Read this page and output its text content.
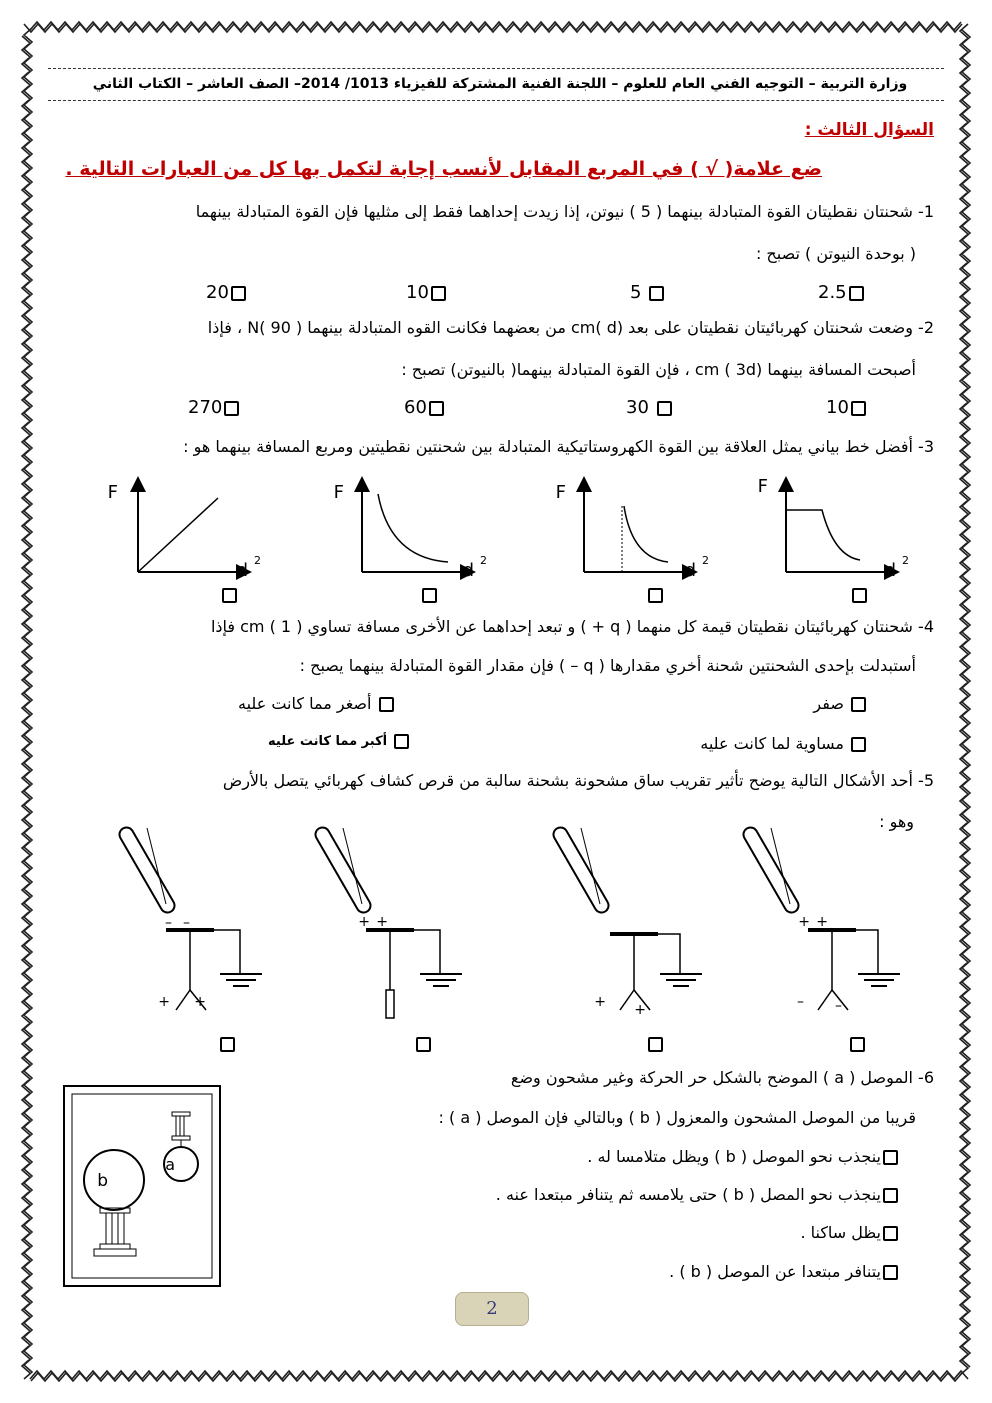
وزارة التربية – التوجيه الفني العام للعلوم – اللجنة الفنية المشتركة للفيزياء 1013/ 2014– الصف العاشر – الكتاب الثاني
السؤال الثالث :
ضع علامة( √ ) في المربع المقابل لأنسب إجابة لتكمل بها كل من العبارات التالية .
1- شحنتان نقطيتان القوة المتبادلة بينهما ( 5 ) نيوتن، إذا زيدت إحداهما فقط إلى مثليها فإن القوة المتبادلة بينهما
( بوحدة النيوتن ) تصبح :
20	10	5	2.5
2- وضعت شحنتان كهربائيتان نقطيتان على بعد cm( d) من بعضهما فكانت القوه المتبادلة بينهما N( 90 ) ، فإذا
أصبحت المسافة بينهما cm ( 3d) ، فإن القوة المتبادلة بينهما( بالنيوتن) تصبح :
270	60	30	10
3- أفضل خط بياني يمثل العلاقة بين القوة الكهروستاتيكية المتبادلة بين شحنتين نقطيتين ومربع المسافة بينهما هو :
F
d 2
F
d 2
F
d 2
F
d 2
4- شحنتان كهربائيتان نقطيتان قيمة كل منهما ( q + ) و تبعد إحداهما عن الأخرى مسافة تساوي cm ( 1 ) فإذا
أستبدلت بإحدى الشحنتين شحنة أخري مقدارها ( q – ) فإن مقدار القوة المتبادلة بينهما يصبح :
صفر
أصغر مما كانت عليه
مساوية لما كانت عليه
أكبر مما كانت عليه
5- أحد الأشكال التالية يوضح تأثير تقريب ساق مشحونة بشحنة سالبة من قرص كشاف كهربائي يتصل بالأرض
وهو :
– –
+ +
+ +
+ +
+ +
– –
6- الموصل ( a ) الموضح بالشكل حر الحركة وغير مشحون وضع
قريبا من الموصل المشحون والمعزول ( b ) وبالتالي فإن الموصل ( a ) :
ينجذب نحو الموصل ( b ) ويظل متلامسا له .
ينجذب نحو المصل ( b ) حتى يلامسه ثم يتنافر مبتعدا عنه .
يظل ساكنا .
يتنافر مبتعدا عن الموصل ( b ) .
a
b
2
